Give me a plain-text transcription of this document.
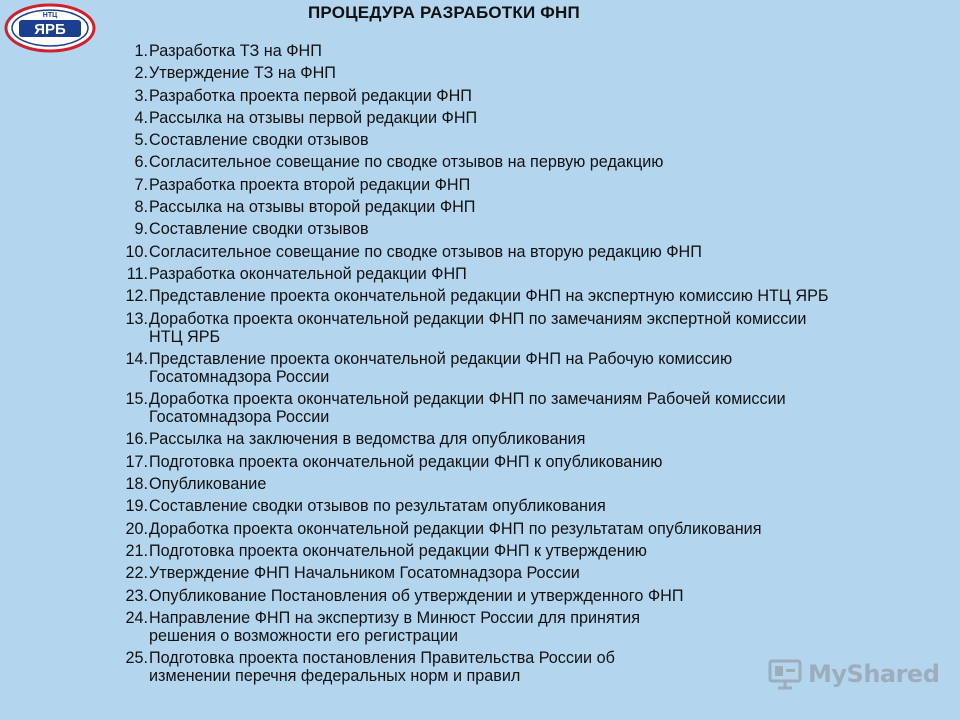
ЯРБ
НТЦ	ПРОЦЕДУРА РАЗРАБОТКИ ФНП
1. Разработка ТЗ на ФНП
2. Утверждение ТЗ на ФНП
3. Разработка проекта первой редакции ФНП
4. Рассылка на отзывы первой редакции ФНП
5. Составление сводки отзывов
6. Согласительное совещание по сводке отзывов на первую редакцию
7. Разработка проекта второй редакции ФНП
8. Рассылка на отзывы второй редакции ФНП
9. Составление сводки отзывов
10. Согласительное совещание по сводке отзывов на вторую редакцию ФНП
11. Разработка окончательной редакции ФНП
12. Представление проекта окончательной редакции ФНП на экспертную комиссию НТЦ ЯРБ
13. Доработка проекта окончательной редакции ФНП по замечаниям экспертной комиссии
НТЦ ЯРБ
14. Представление проекта окончательной редакции ФНП на Рабочую комиссию
Госатомнадзора России
15. Доработка проекта окончательной редакции ФНП по замечаниям Рабочей комиссии
Госатомнадзора России
16. Рассылка на заключения в ведомства для опубликования
17. Подготовка проекта окончательной редакции ФНП к опубликованию
18. Опубликование
19. Составление сводки отзывов по результатам опубликования
20. Доработка проекта окончательной редакции ФНП по результатам опубликования
21. Подготовка проекта окончательной редакции ФНП к утверждению
22. Утверждение ФНП Начальником Госатомнадзора России
23. Опубликование Постановления об утверждении и утвержденного ФНП
24. Направление ФНП на экспертизу в Минюст России для принятия
решения о возможности его регистрации
25. Подготовка проекта постановления Правительства России об
изменении перечня федеральных норм и правил	MyShared
